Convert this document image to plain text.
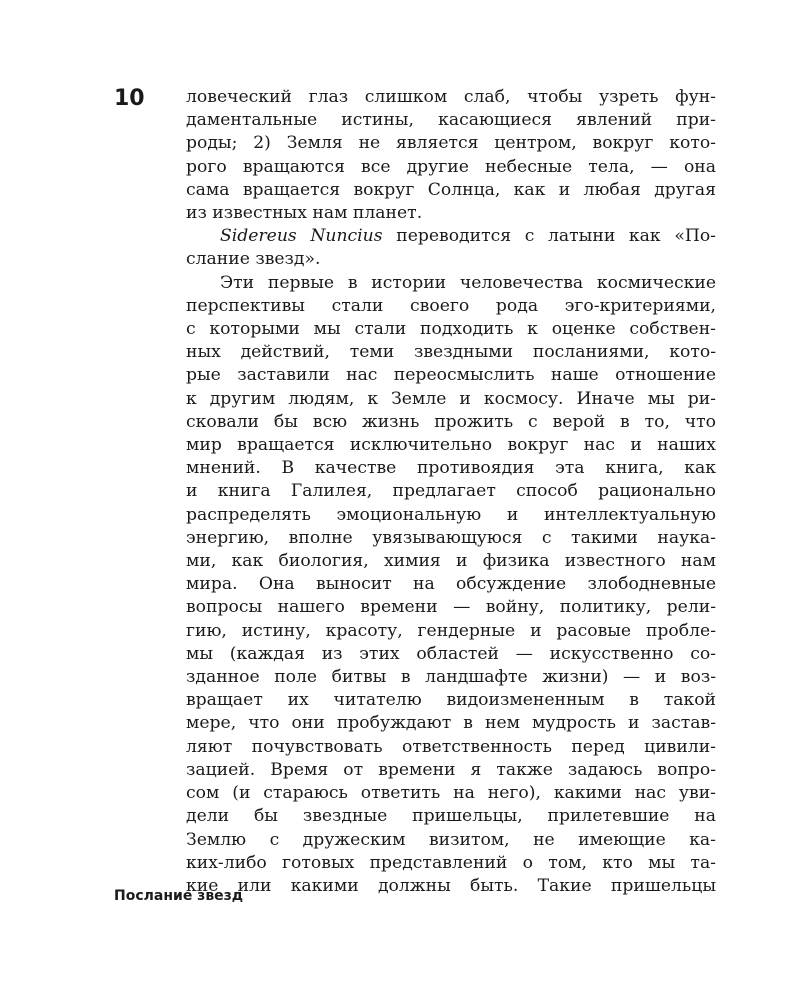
10 ловеческий глаз слишком слаб, чтобы узреть фун-
даментальные истины, касающиеся явлений при-
роды; 2) Земля не является центром, вокруг кото-
рого вращаются все другие небесные тела, — она
сама вращается вокруг Солнца, как и любая другая
из известных нам планет.
Sidereus Nuncius переводится с латыни как «По-
слание звезд».
Эти первые в истории человечества космические
перспективы стали своего рода эго-критериями,
с которыми мы стали подходить к оценке собствен-
ных действий, теми звездными посланиями, кото-
рые заставили нас переосмыслить наше отношение
к другим людям, к Земле и космосу. Иначе мы ри-
сковали бы всю жизнь прожить с верой в то, что
мир вращается исключительно вокруг нас и наших
мнений. В качестве противоядия эта книга, как
и книга Галилея, предлагает способ рационально
распределять эмоциональную и интеллектуальную
энергию, вполне увязывающуюся с такими наука-
ми, как биология, химия и физика известного нам
мира. Она выносит на обсуждение злободневные
вопросы нашего времени — войну, политику, рели-
гию, истину, красоту, гендерные и расовые пробле-
мы (каждая из этих областей — искусственно со-
зданное поле битвы в ландшафте жизни) — и воз-
вращает их читателю видоизмененным в такой
мере, что они пробуждают в нем мудрость и застав-
ляют почувствовать ответственность перед цивили-
зацией. Время от времени я также задаюсь вопро-
сом (и стараюсь ответить на него), какими нас уви-
дели бы звездные пришельцы, прилетевшие на
Землю с дружеским визитом, не имеющие ка-
ких-либо готовых представлений о том, кто мы та-
кие или какими должны быть. Такие пришельцы
Послание звезд
